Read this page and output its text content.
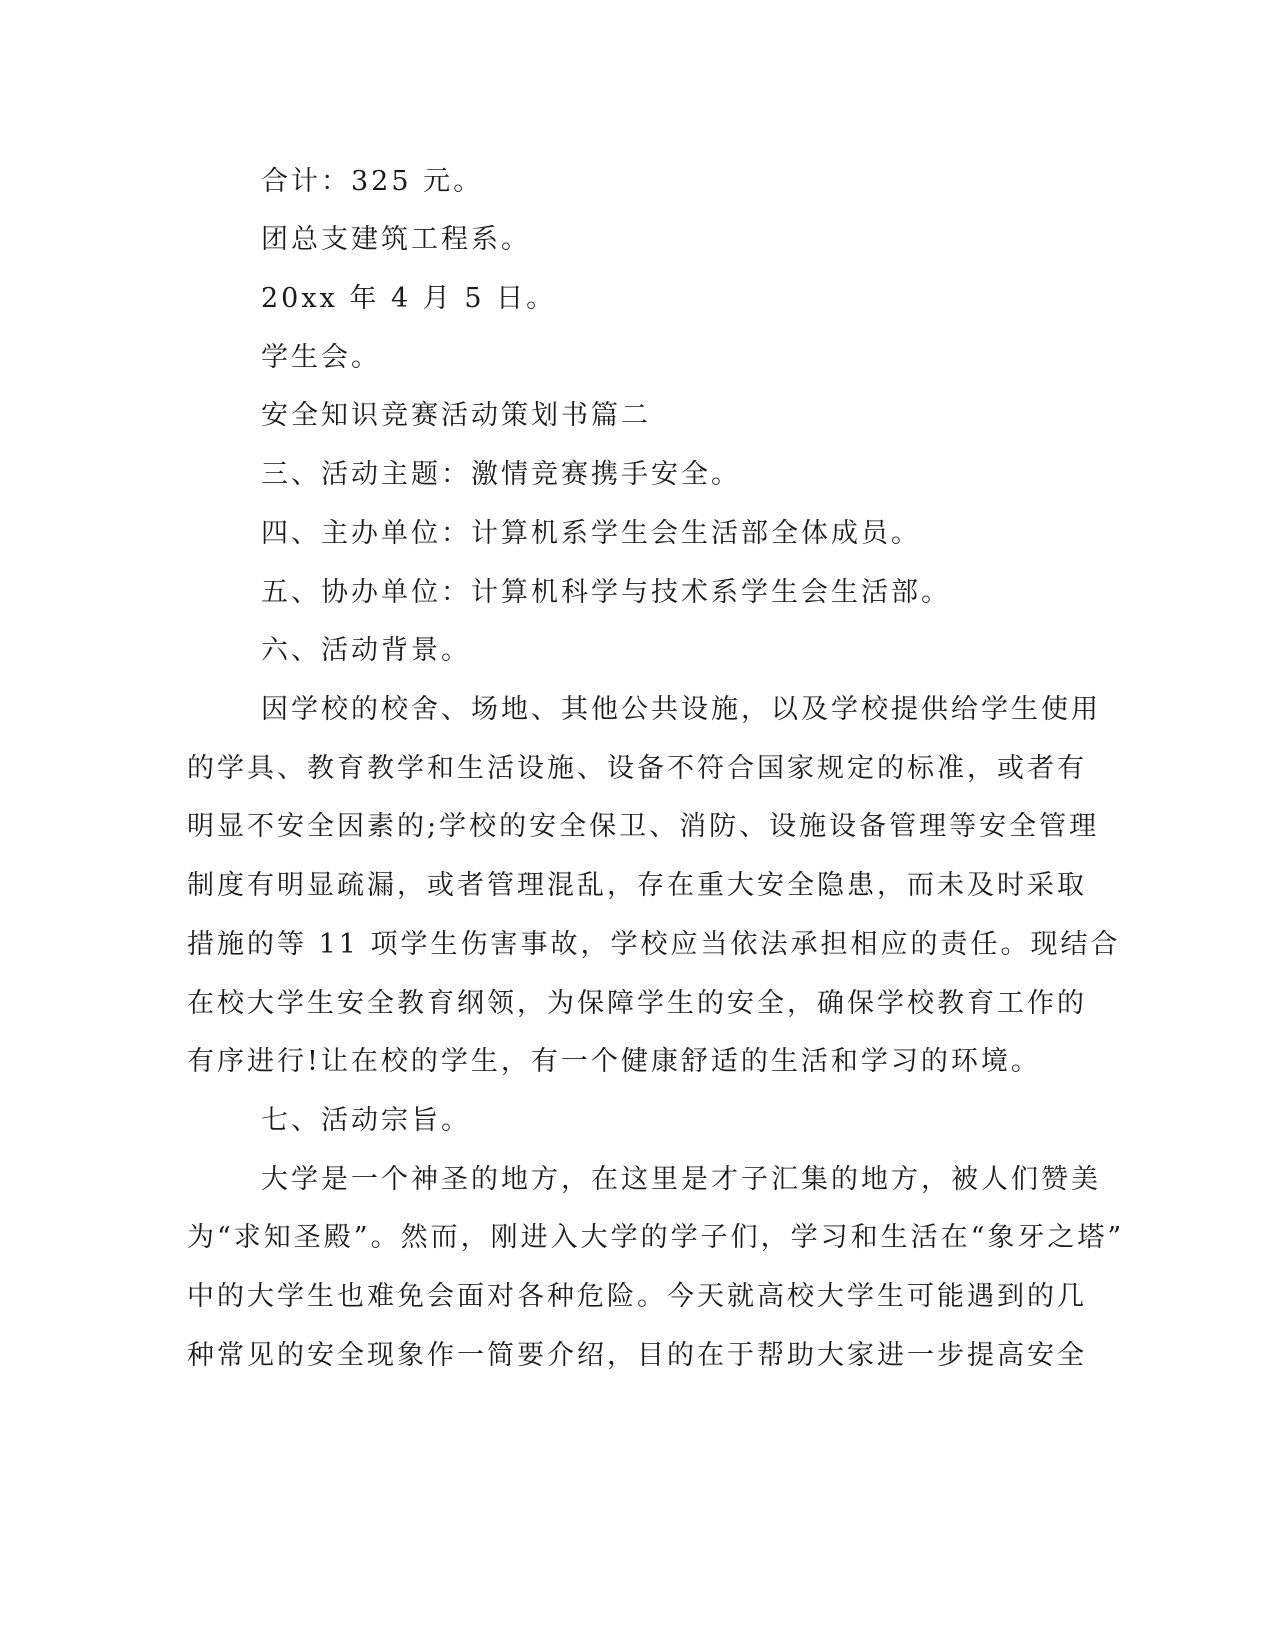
合计：325 元。
团总支建筑工程系。
20xx 年 4 月 5 日。
学生会。
安全知识竞赛活动策划书篇二
三、活动主题：激情竞赛携手安全。
四、主办单位：计算机系学生会生活部全体成员。
五、协办单位：计算机科学与技术系学生会生活部。
六、活动背景。
因学校的校舍、场地、其他公共设施，以及学校提供给学生使用
的学具、教育教学和生活设施、设备不符合国家规定的标准，或者有
明显不安全因素的;学校的安全保卫、消防、设施设备管理等安全管理
制度有明显疏漏，或者管理混乱，存在重大安全隐患，而未及时采取
措施的等 11 项学生伤害事故，学校应当依法承担相应的责任。现结合
在校大学生安全教育纲领，为保障学生的安全，确保学校教育工作的
有序进行!让在校的学生，有一个健康舒适的生活和学习的环境。
七、活动宗旨。
大学是一个神圣的地方，在这里是才子汇集的地方，被人们赞美
为“求知圣殿”。然而，刚进入大学的学子们，学习和生活在“象牙之塔”
中的大学生也难免会面对各种危险。今天就高校大学生可能遇到的几
种常见的安全现象作一简要介绍，目的在于帮助大家进一步提高安全
